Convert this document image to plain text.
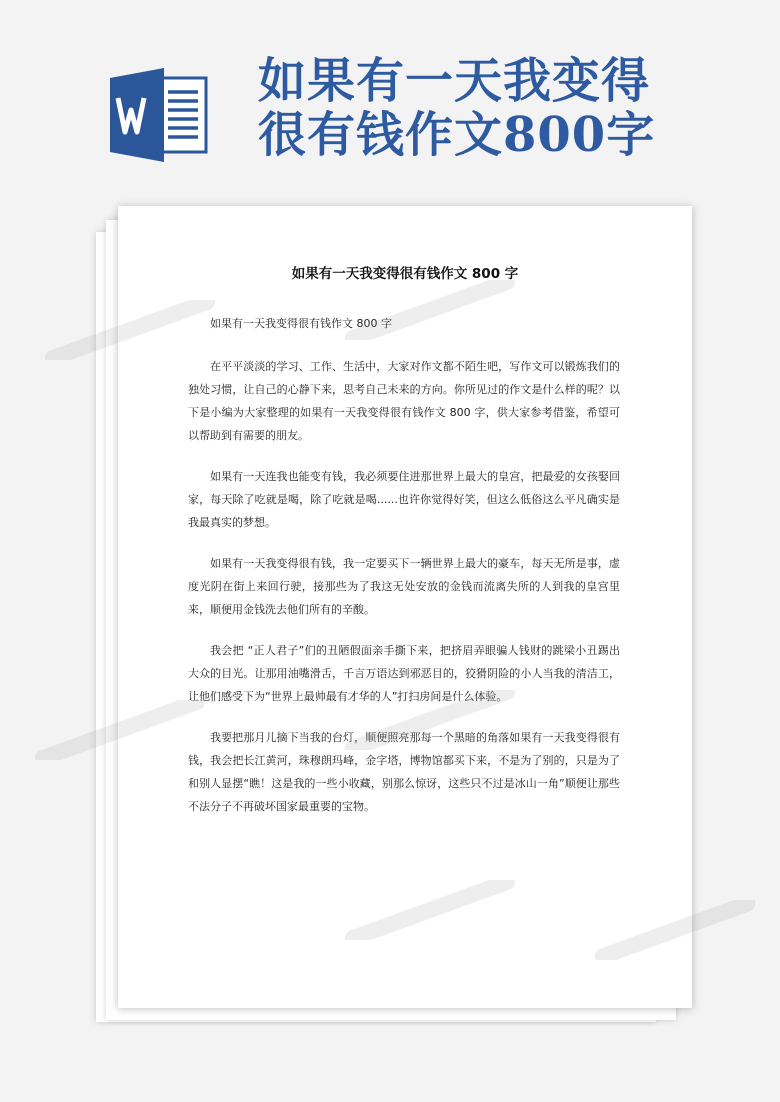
如果有一天我变得
很有钱作文800字
如果有一天我变得很有钱作文 800 字

如果有一天我变得很有钱作文 800 字

在平平淡淡的学习、工作、生活中，大家对作文都不陌生吧，写作文可以锻炼我们的独处习惯，让自己的心静下来，思考自己未来的方向。你所见过的作文是什么样的呢？以下是小编为大家整理的如果有一天我变得很有钱作文 800 字，供大家参考借鉴，希望可以帮助到有需要的朋友。

如果有一天连我也能变有钱，我必须要住进那世界上最大的皇宫，把最爱的女孩娶回家，每天除了吃就是喝，除了吃就是喝......也许你觉得好笑，但这么低俗这么平凡确实是我最真实的梦想。

如果有一天我变得很有钱，我一定要买下一辆世界上最大的豪车，每天无所是事，虚度光阴在街上来回行驶，接那些为了我这无处安放的金钱而流离失所的人到我的皇宫里来，顺便用金钱洗去他们所有的辛酸。

我会把 “正人君子”们的丑陋假面亲手撕下来，把挤眉弄眼骗人钱财的跳梁小丑踢出大众的目光。让那用油嘴滑舌，千言万语达到邪恶目的，狡猾阴险的小人当我的清洁工，让他们感受下为“世界上最帅最有才华的人”打扫房间是什么体验。

我要把那月儿摘下当我的台灯，顺便照亮那每一个黑暗的角落如果有一天我变得很有钱，我会把长江黄河，珠穆朗玛峰，金字塔，博物馆都买下来，不是为了别的，只是为了和别人显摆“瞧！这是我的一些小收藏，别那么惊讶，这些只不过是冰山一角”顺便让那些不法分子不再破坏国家最重要的宝物。
